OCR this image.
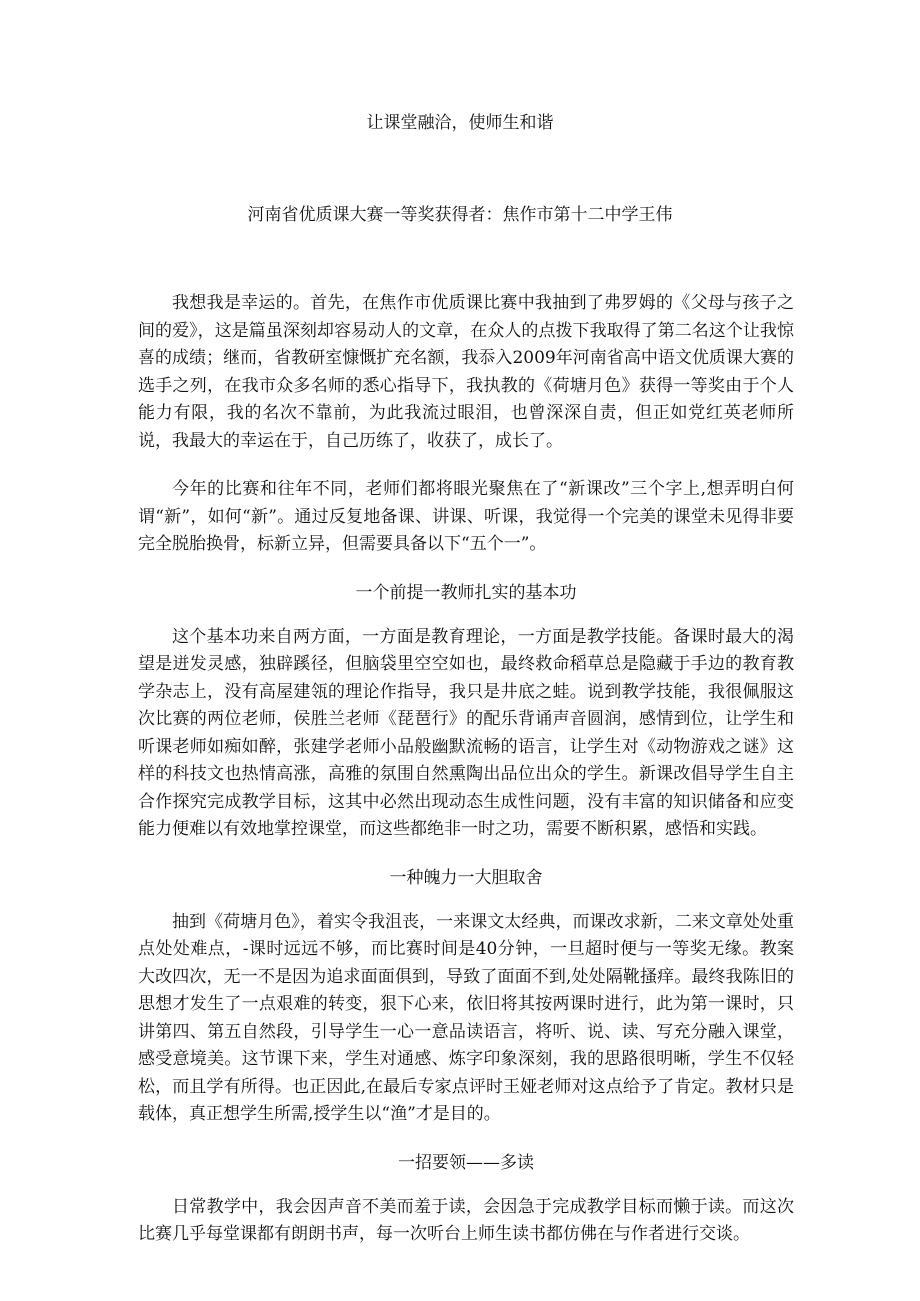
让课堂融洽，使师生和谐
河南省优质课大赛一等奖获得者：焦作市第十二中学王伟

我想我是幸运的。首先，在焦作市优质课比赛中我抽到了弗罗姆的《父母与孩子之间的爱》，这是篇虽深刻却容易动人的文章，在众人的点拨下我取得了第二名这个让我惊喜的成绩；继而，省教研室慷慨扩充名额，我忝入2009年河南省高中语文优质课大赛的选手之列，在我市众多名师的悉心指导下，我执教的《荷塘月色》获得一等奖由于个人能力有限，我的名次不靠前，为此我流过眼泪，也曾深深自责，但正如党红英老师所说，我最大的幸运在于，自己历练了，收获了，成长了。

今年的比赛和往年不同，老师们都将眼光聚焦在了“新课改”三个字上,想弄明白何谓“新”，如何“新”。通过反复地备课、讲课、听课，我觉得一个完美的课堂未见得非要完全脱胎换骨，标新立异，但需要具备以下“五个一”。

一个前提一教师扎实的基本功

这个基本功来自两方面，一方面是教育理论，一方面是教学技能。备课时最大的渴望是迸发灵感，独辟蹊径，但脑袋里空空如也，最终救命稻草总是隐藏于手边的教育教学杂志上，没有高屋建瓴的理论作指导，我只是井底之蛙。说到教学技能，我很佩服这次比赛的两位老师，侯胜兰老师《琵琶行》的配乐背诵声音圆润，感情到位，让学生和听课老师如痴如醉，张建学老师小品般幽默流畅的语言，让学生对《动物游戏之谜》这样的科技文也热情高涨，高雅的氛围自然熏陶出品位出众的学生。新课改倡导学生自主合作探究完成教学目标，这其中必然出现动态生成性问题，没有丰富的知识储备和应变能力便难以有效地掌控课堂，而这些都绝非一时之功，需要不断积累，感悟和实践。

一种魄力一大胆取舍

抽到《荷塘月色》，着实令我沮丧，一来课文太经典，而课改求新，二来文章处处重点处处难点，-课时远远不够，而比赛时间是40分钟，一旦超时便与一等奖无缘。教案大改四次，无一不是因为追求面面俱到，导致了面面不到,处处隔靴搔痒。最终我陈旧的思想才发生了一点艰难的转变，狠下心来，依旧将其按两课时进行，此为第一课时，只讲第四、第五自然段，引导学生一心一意品读语言，将听、说、读、写充分融入课堂，感受意境美。这节课下来，学生对通感、炼字印象深刻，我的思路很明晰，学生不仅轻松，而且学有所得。也正因此,在最后专家点评时王娅老师对这点给予了肯定。教材只是载体，真正想学生所需,授学生以“渔”才是目的。

一招要领——多读

日常教学中，我会因声音不美而羞于读，会因急于完成教学目标而懒于读。而这次比赛几乎每堂课都有朗朗书声，每一次听台上师生读书都仿佛在与作者进行交谈。
